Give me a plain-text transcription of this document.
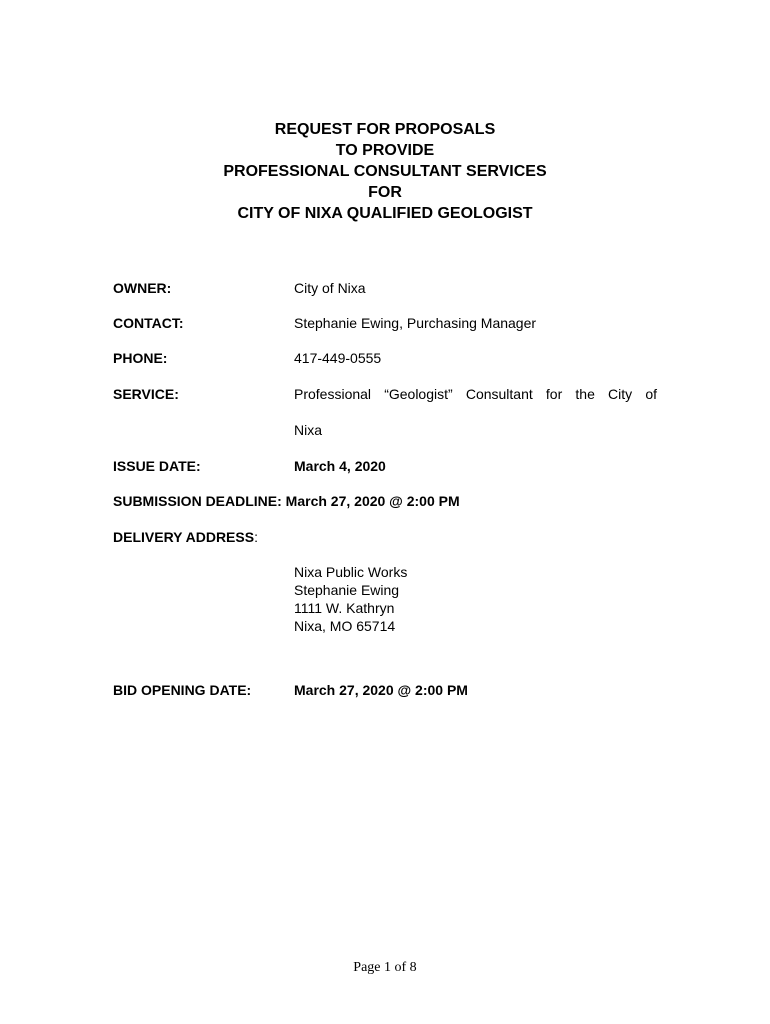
REQUEST FOR PROPOSALS
TO PROVIDE
PROFESSIONAL CONSULTANT SERVICES
FOR
CITY OF NIXA QUALIFIED GEOLOGIST
OWNER:	City of Nixa
CONTACT:	Stephanie Ewing, Purchasing Manager
PHONE:	417-449-0555
SERVICE:	Professional “Geologist” Consultant for the City of
Nixa
ISSUE DATE:	March 4, 2020
SUBMISSION DEADLINE: March 27, 2020 @ 2:00 PM
DELIVERY ADDRESS:
Nixa Public Works
Stephanie Ewing
1111 W. Kathryn
Nixa, MO 65714
BID OPENING DATE:	March 27, 2020 @ 2:00 PM
Page 1 of 8
